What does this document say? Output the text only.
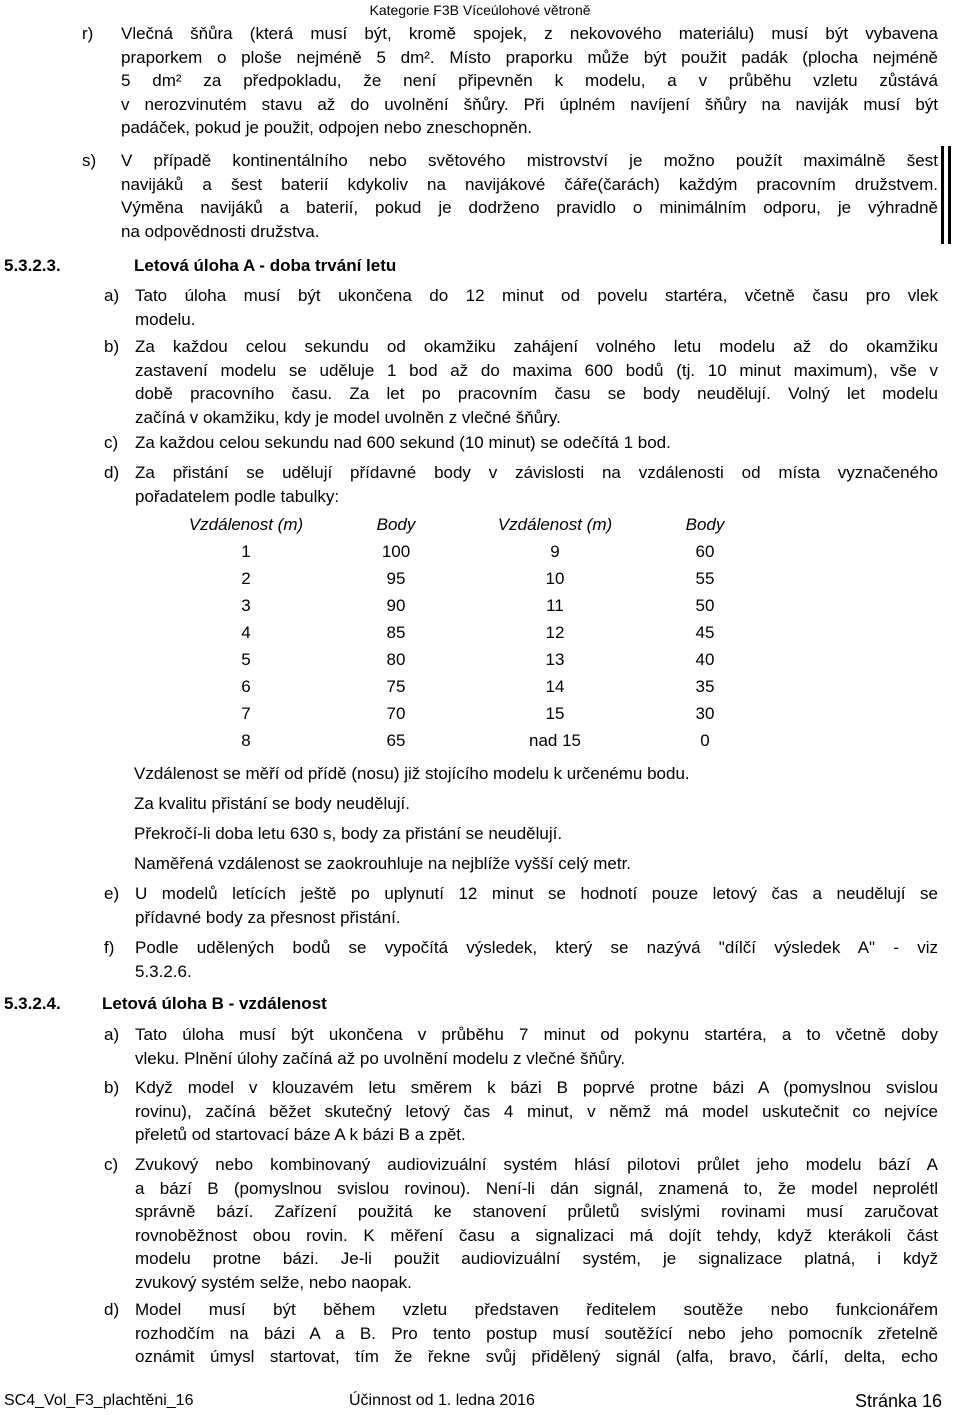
Kategorie F3B Víceúlohové větroně
r) Vlečná šňůra (která musí být, kromě spojek, z nekovového materiálu) musí být vybavena
praporkem o ploše nejméně 5 dm². Místo praporku může být použit padák (plocha nejméně
5 dm² za předpokladu, že není připevněn k modelu, a v průběhu vzletu zůstává
v nerozvinutém stavu až do uvolnění šňůry. Při úplném navíjení šňůry na naviják musí být
padáček, pokud je použit, odpojen nebo zneschopněn.
s) V případě kontinentálního nebo světového mistrovství je možno použít maximálně šest
navijáků a šest baterií kdykoliv na navijákové čáře(čarách) každým pracovním družstvem.
Výměna navijáků a baterií, pokud je dodrženo pravidlo o minimálním odporu, je výhradně
na odpovědnosti družstva.
5.3.2.3.	Letová úloha A - doba trvání letu
a) Tato úloha musí být ukončena do 12 minut od povelu startéra, včetně času pro vlek
modelu.
b) Za každou celou sekundu od okamžiku zahájení volného letu modelu až do okamžiku
zastavení modelu se uděluje 1 bod až do maxima 600 bodů (tj. 10 minut maximum), vše v
době pracovního času. Za let po pracovním času se body neudělují. Volný let modelu
začíná v okamžiku, kdy je model uvolněn z vlečné šňůry.
c) Za každou celou sekundu nad 600 sekund (10 minut) se odečítá 1 bod.
d) Za přistání se udělují přídavné body v závislosti na vzdálenosti od místa vyznačeného
pořadatelem podle tabulky:
Vzdálenost (m)	Body	Vzdálenost (m)	Body
1	100	9	60
2	95	10	55
3	90	11	50
4	85	12	45
5	80	13	40
6	75	14	35
7	70	15	30
8	65	nad 15	0
Vzdálenost se měří od přídě (nosu) již stojícího modelu k určenému bodu.
Za kvalitu přistání se body neudělují.
Překročí-li doba letu 630 s, body za přistání se neudělují.
Naměřená vzdálenost se zaokrouhluje na nejblíže vyšší celý metr.
e) U modelů letících ještě po uplynutí 12 minut se hodnotí pouze letový čas a neudělují se
přídavné body za přesnost přistání.
f) Podle udělených bodů se vypočítá výsledek, který se nazývá "dílčí výsledek A" - viz
5.3.2.6.
5.3.2.4. Letová úloha B - vzdálenost
a) Tato úloha musí být ukončena v průběhu 7 minut od pokynu startéra, a to včetně doby
vleku. Plnění úlohy začíná až po uvolnění modelu z vlečné šňůry.
b) Když model v klouzavém letu směrem k bázi B poprvé protne bázi A (pomyslnou svislou
rovinu), začíná běžet skutečný letový čas 4 minut, v němž má model uskutečnit co nejvíce
přeletů od startovací báze A k bázi B a zpět.
c) Zvukový nebo kombinovaný audiovizuální systém hlásí pilotovi průlet jeho modelu bází A
a bází B (pomyslnou svislou rovinou). Není-li dán signál, znamená to, že model neprolétl
správně bází. Zařízení použitá ke stanovení průletů svislými rovinami musí zaručovat
rovnoběžnost obou rovin. K měření času a signalizaci má dojít tehdy, když kterákoli část
modelu protne bázi. Je-li použit audiovizuální systém, je signalizace platná, i když
zvukový systém selže, nebo naopak.
d) Model musí být během vzletu představen ředitelem soutěže nebo funkcionářem
rozhodčím na bázi A a B. Pro tento postup musí soutěžící nebo jeho pomocník zřetelně
oznámit úmysl startovat, tím že řekne svůj přidělený signál (alfa, bravo, čárlí, delta, echo
SC4_Vol_F3_plachtěni_16	Účinnost od 1. ledna 2016	Stránka 16
